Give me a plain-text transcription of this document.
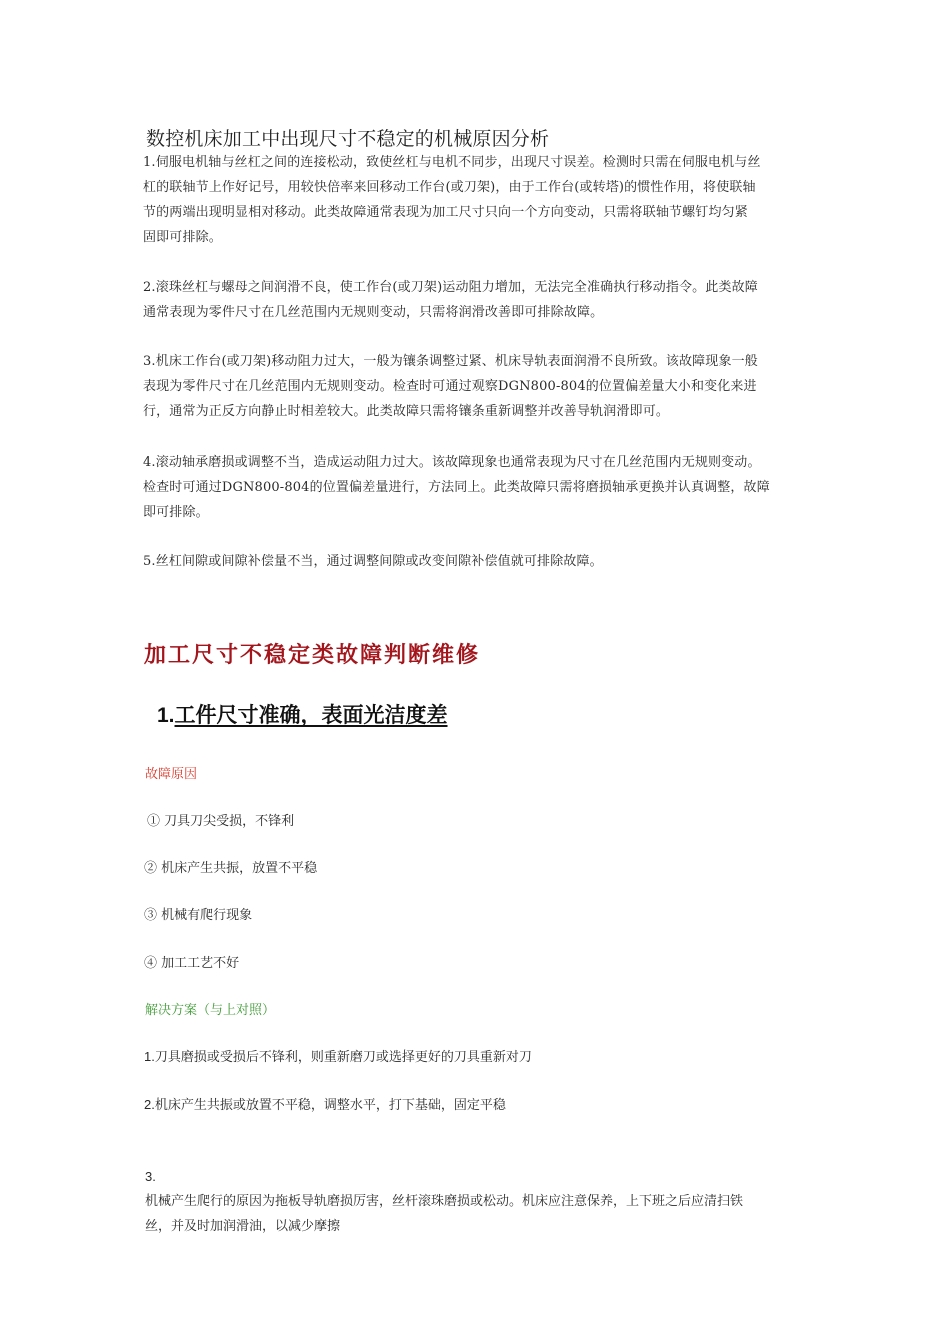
数控机床加工中出现尺寸不稳定的机械原因分析
1.伺服电机轴与丝杠之间的连接松动，致使丝杠与电机不同步，出现尺寸误差。检测时只需在伺服电机与丝
杠的联轴节上作好记号，用较快倍率来回移动工作台(或刀架)，由于工作台(或转塔)的惯性作用，将使联轴
节的两端出现明显相对移动。此类故障通常表现为加工尺寸只向一个方向变动，只需将联轴节螺钉均匀紧
固即可排除。
2.滚珠丝杠与螺母之间润滑不良，使工作台(或刀架)运动阻力增加，无法完全准确执行移动指令。此类故障
通常表现为零件尺寸在几丝范围内无规则变动，只需将润滑改善即可排除故障。
3.机床工作台(或刀架)移动阻力过大，一般为镶条调整过紧、机床导轨表面润滑不良所致。该故障现象一般
表现为零件尺寸在几丝范围内无规则变动。检查时可通过观察DGN800-804的位置偏差量大小和变化来进
行，通常为正反方向静止时相差较大。此类故障只需将镶条重新调整并改善导轨润滑即可。
4.滚动轴承磨损或调整不当，造成运动阻力过大。该故障现象也通常表现为尺寸在几丝范围内无规则变动。
检查时可通过DGN800-804的位置偏差量进行，方法同上。此类故障只需将磨损轴承更换并认真调整，故障
即可排除。
5.丝杠间隙或间隙补偿量不当，通过调整间隙或改变间隙补偿值就可排除故障。
加工尺寸不稳定类故障判断维修
1.工件尺寸准确，表面光洁度差
故障原因
① 刀具刀尖受损，不锋利
② 机床产生共振，放置不平稳
③ 机械有爬行现象
④ 加工工艺不好
解决方案（与上对照）
1.刀具磨损或受损后不锋利，则重新磨刀或选择更好的刀具重新对刀
2.机床产生共振或放置不平稳，调整水平，打下基础，固定平稳

3.
机械产生爬行的原因为拖板导轨磨损厉害，丝杆滚珠磨损或松动。机床应注意保养，上下班之后应清扫铁
丝，并及时加润滑油，以减少摩擦
